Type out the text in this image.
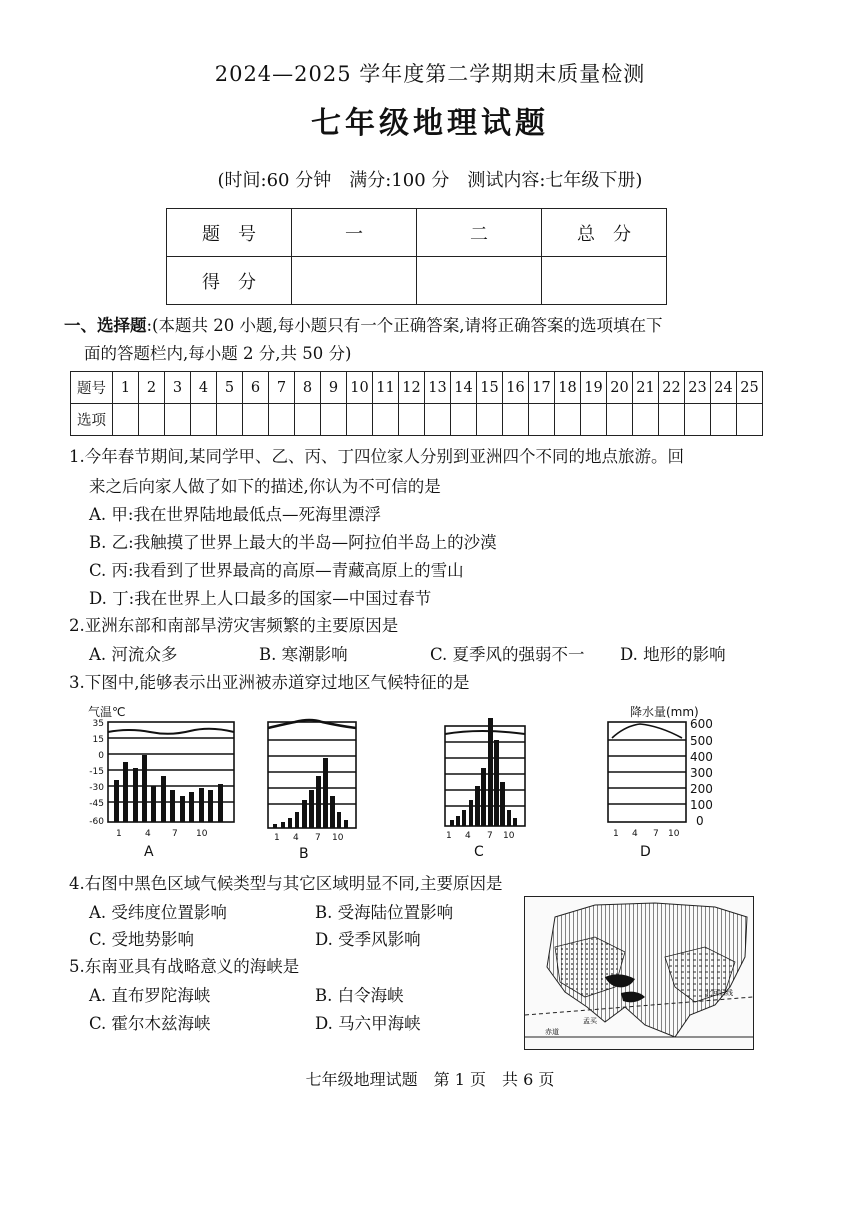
2024—2025 学年度第二学期期末质量检测
七年级地理试题
(时间:60 分钟　满分:100 分　测试内容:七年级下册)
题　号	一	二	总　分
得　分			
一、选择题:(本题共 20 小题,每小题只有一个正确答案,请将正确答案的选项填在下
面的答题栏内,每小题 2 分,共 50 分)
题号	1	2	3	4	5	6	7	8	9	10	11	12	13	14	15	16	17	18	19	20	21	22	23	24	25
选项																									
1.今年春节期间,某同学甲、乙、丙、丁四位家人分别到亚洲四个不同的地点旅游。回
来之后向家人做了如下的描述,你认为不可信的是
A. 甲:我在世界陆地最低点—死海里漂浮
B. 乙:我触摸了世界上最大的半岛—阿拉伯半岛上的沙漠
C. 丙:我看到了世界最高的高原—青藏高原上的雪山
D. 丁:我在世界上人口最多的国家—中国过春节
2.亚洲东部和南部旱涝灾害频繁的主要原因是
A. 河流众多	B. 寒潮影响	C. 夏季风的强弱不一 D. 地形的影响
3.下图中,能够表示出亚洲被赤道穿过地区气候特征的是
气温℃
35
15
0
-15
-30
-45
-60
1	4 7 10
A
1 4 7 10
B
1 4 7 10
C
降水量(mm)
600
500
400
300
200
100
0
1 4 7 10
D
4.右图中黑色区域气候类型与其它区域明显不同,主要原因是
A. 受纬度位置影响	B. 受海陆位置影响
C. 受地势影响	D. 受季风影响
5.东南亚具有战略意义的海峡是
A. 直布罗陀海峡	B. 白令海峡
C. 霍尔木兹海峡	D. 马六甲海峡
北回归线
赤道
孟买
七年级地理试题　第 1 页　共 6 页
